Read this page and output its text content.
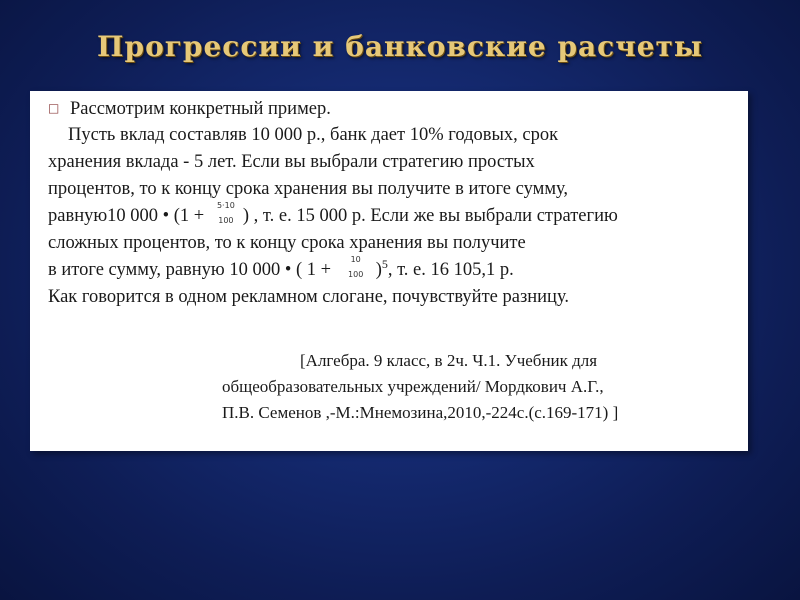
Прогрессии и банковские расчеты
□ Рассмотрим конкретный пример.
Пусть вклад составляв 10 000 р., банк дает 10% годовых, срок
хранения вклада - 5 лет. Если вы выбрали стратегию простых
процентов, то к концу срока хранения вы получите в итоге сумму,
равную10 000 • (1 +
5·10
100 ) , т. е. 15 000 р. Если же вы выбрали стратегию
сложных процентов, то к концу срока хранения вы получите
в итоге сумму, равную 10 000 • ( 1 +
10
100 )$^5$, т. е. 16 105,1 р.
Как говорится в одном рекламном слогане, почувствуйте разницу.
[Алгебра. 9 класс, в 2ч. Ч.1. Учебник для
общеобразовательных учреждений/ Мордкович А.Г.,
П.В. Семенов ,-М.:Мнемозина,2010,-224с.(с.169-171) ]
